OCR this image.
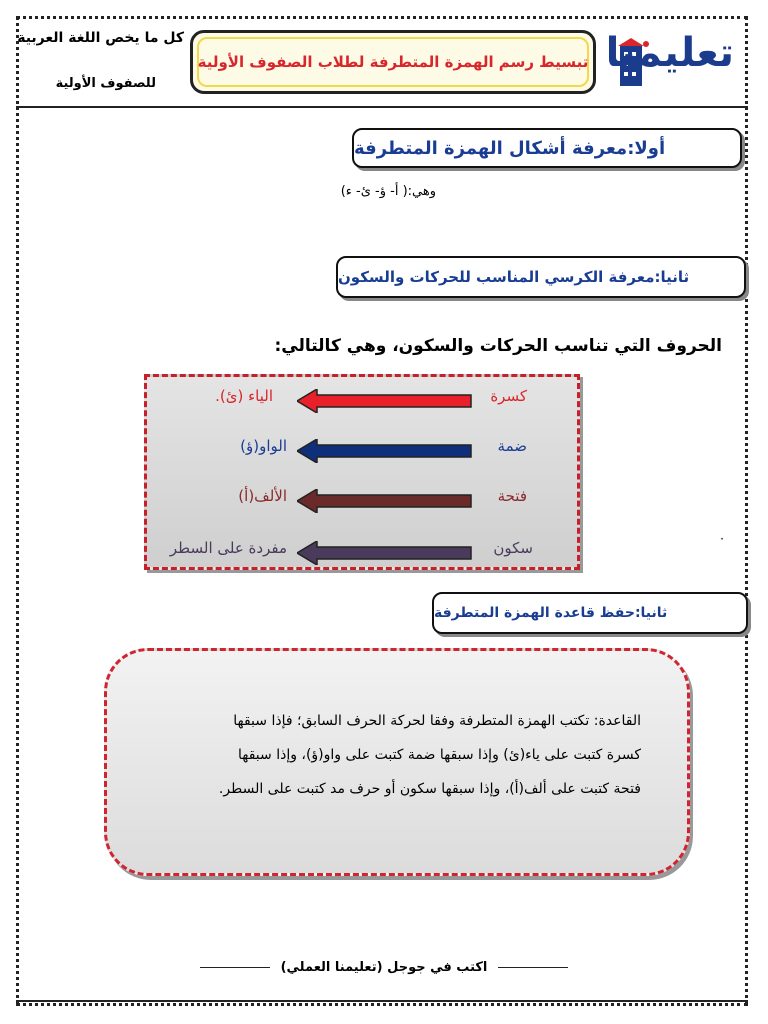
كل ما يخص اللغة العربية
للصفوف الأولية
تبسيط رسم الهمزة المتطرفة لطلاب الصفوف الأولية تعليمنا
أولا:
معرفة أشكال الهمزة المتطرفة
وهي:( أ- ؤ- ئ- ء)
ثانيا:
معرفة الكرسي المناسب للحركات والسكون
الحروف التي تناسب الحركات والسكون، وهي كالتالي:
كسرة
الياء (ئ).
ضمة
الواو(ؤ)
فتحة
الألف(أ)
سكون
مفردة على السطر	·
ثانيا:
حفظ قاعدة الهمزة المتطرفة
القاعدة: تكتب الهمزة المتطرفة وفقا لحركة الحرف السابق؛ فإذا سبقها
كسرة كتبت على ياء(ئ) وإذا سبقها ضمة كتبت على واو(ؤ)، وإذا سبقها
فتحة كتبت على ألف(أ)، وإذا سبقها سكون أو حرف مد كتبت على السطر.
اكتب في جوجل (تعليمنا العملي)
